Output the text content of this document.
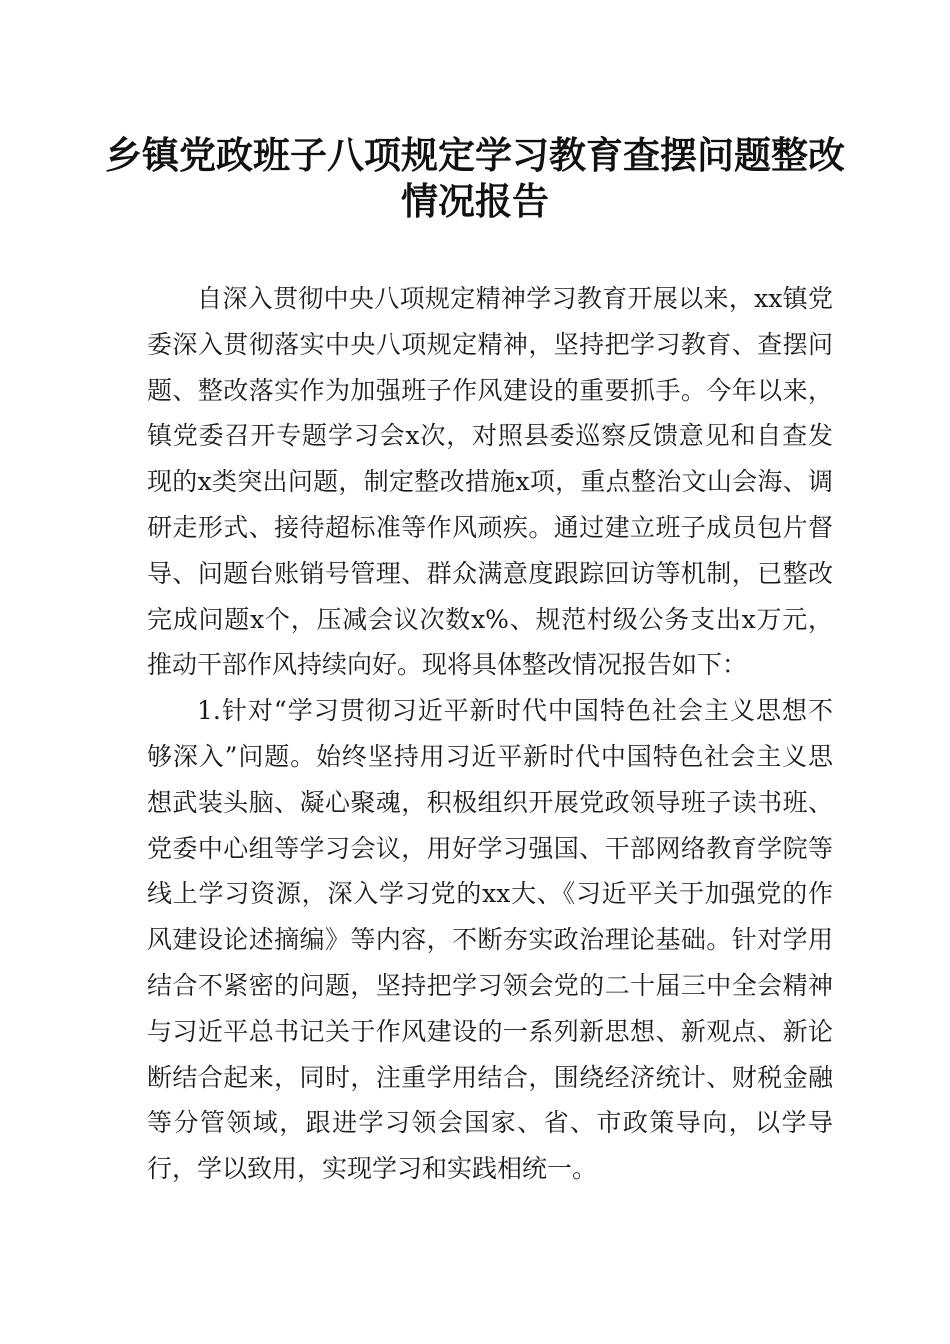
乡镇党政班子八项规定学习教育查摆问题整改情况报告

自深入贯彻中央八项规定精神学习教育开展以来，xx镇党委深入贯彻落实中央八项规定精神，坚持把学习教育、查摆问题、整改落实作为加强班子作风建设的重要抓手。今年以来，镇党委召开专题学习会x次，对照县委巡察反馈意见和自查发现的x类突出问题，制定整改措施x项，重点整治文山会海、调研走形式、接待超标准等作风顽疾。通过建立班子成员包片督导、问题台账销号管理、群众满意度跟踪回访等机制，已整改完成问题x个，压减会议次数x%、规范村级公务支出x万元，推动干部作风持续向好。现将具体整改情况报告如下：

1.针对“学习贯彻习近平新时代中国特色社会主义思想不够深入”问题。始终坚持用习近平新时代中国特色社会主义思想武装头脑、凝心聚魂，积极组织开展党政领导班子读书班、党委中心组等学习会议，用好学习强国、干部网络教育学院等线上学习资源，深入学习党的xx大、《习近平关于加强党的作风建设论述摘编》等内容，不断夯实政治理论基础。针对学用结合不紧密的问题，坚持把学习领会党的二十届三中全会精神与习近平总书记关于作风建设的一系列新思想、新观点、新论断结合起来，同时，注重学用结合，围绕经济统计、财税金融等分管领域，跟进学习领会国家、省、市政策导向，以学导行，学以致用，实现学习和实践相统一。
